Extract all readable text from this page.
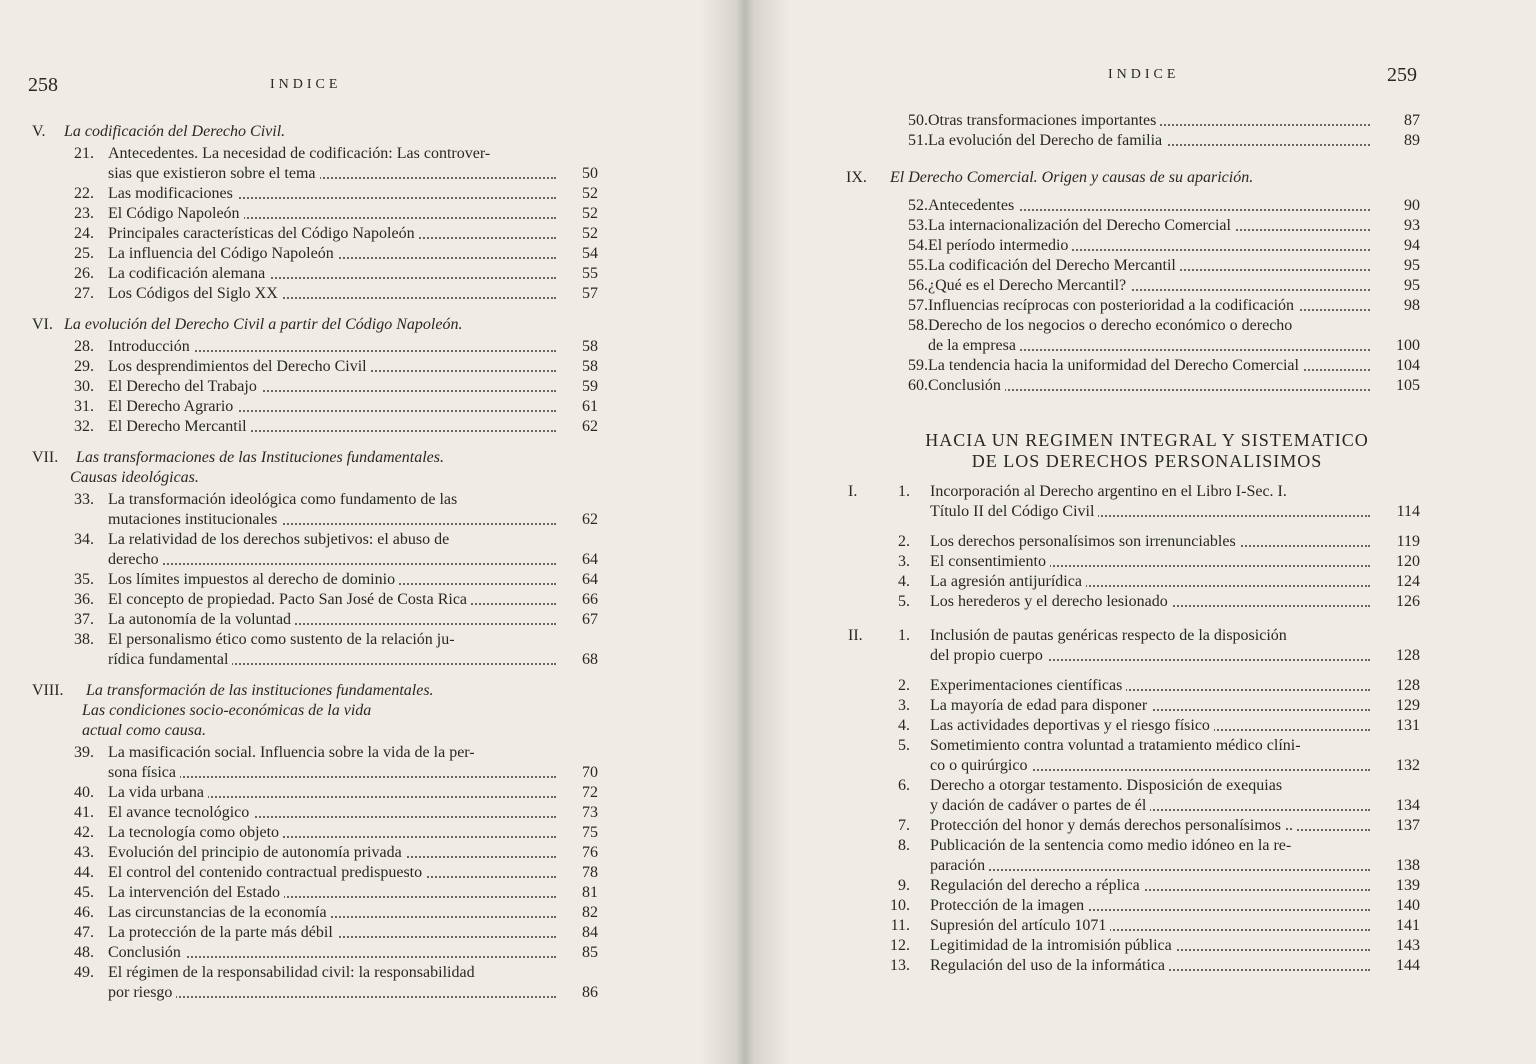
258	INDICE
V. La codificación del Derecho Civil.
21. Antecedentes. La necesidad de codificación: Las controver-
sias que existieron sobre el tema	50
22. Las modificaciones	52
23. El Código Napoleón	52
24. Principales características del Código Napoleón	52
25. La influencia del Código Napoleón	54
26. La codificación alemana	55
27. Los Códigos del Siglo XX	57
VI. La evolución del Derecho Civil a partir del Código Napoleón.
28. Introducción	58
29. Los desprendimientos del Derecho Civil	58
30. El Derecho del Trabajo	59
31. El Derecho Agrario	61
32. El Derecho Mercantil	62
VII. Las transformaciones de las Instituciones fundamentales.
Causas ideológicas.
33. La transformación ideológica como fundamento de las
mutaciones institucionales	62
34. La relatividad de los derechos subjetivos: el abuso de
derecho	64
35. Los límites impuestos al derecho de dominio	64
36. El concepto de propiedad. Pacto San José de Costa Rica	66
37. La autonomía de la voluntad	67
38. El personalismo ético como sustento de la relación ju-
rídica fundamental	68
VIII. La transformación de las instituciones fundamentales.
Las condiciones socio-económicas de la vida
actual como causa.
39. La masificación social. Influencia sobre la vida de la per-
sona física	70
40. La vida urbana	72
41. El avance tecnológico	73
42. La tecnología como objeto	75
43. Evolución del principio de autonomía privada	76
44. El control del contenido contractual predispuesto	78
45. La intervención del Estado	81
46. Las circunstancias de la economía	82
47. La protección de la parte más débil	84
48. Conclusión	85
49. El régimen de la responsabilidad civil: la responsabilidad
por riesgo	86
INDICE	259
50. Otras transformaciones importantes	87
51. La evolución del Derecho de familia	89
IX. El Derecho Comercial. Origen y causas de su aparición.
52. Antecedentes	90
53. La internacionalización del Derecho Comercial	93
54. El período intermedio	94
55. La codificación del Derecho Mercantil	95
56. ¿Qué es el Derecho Mercantil?	95
57. Influencias recíprocas con posterioridad a la codificación	98
58. Derecho de los negocios o derecho económico o derecho
de la empresa	100
59. La tendencia hacia la uniformidad del Derecho Comercial	104
60. Conclusión	105
HACIA UN REGIMEN INTEGRAL Y SISTEMATICO
DE LOS DERECHOS PERSONALISIMOS
I.	1. Incorporación al Derecho argentino en el Libro I-Sec. I.
Título II del Código Civil	114
2. Los derechos personalísimos son irrenunciables	119
3. El consentimiento	120
4. La agresión antijurídica	124
5. Los herederos y el derecho lesionado	126
II.	1. Inclusión de pautas genéricas respecto de la disposición
del propio cuerpo	128
2. Experimentaciones científicas	128
3. La mayoría de edad para disponer	129
4. Las actividades deportivas y el riesgo físico	131
5. Sometimiento contra voluntad a tratamiento médico clíni-
co o quirúrgico	132
6. Derecho a otorgar testamento. Disposición de exequias
y dación de cadáver o partes de él	134
7. Protección del honor y demás derechos personalísimos ..	137
8. Publicación de la sentencia como medio idóneo en la re-
paración	138
9. Regulación del derecho a réplica	139
10. Protección de la imagen	140
11. Supresión del artículo 1071	141
12. Legitimidad de la intromisión pública	143
13. Regulación del uso de la informática	144
